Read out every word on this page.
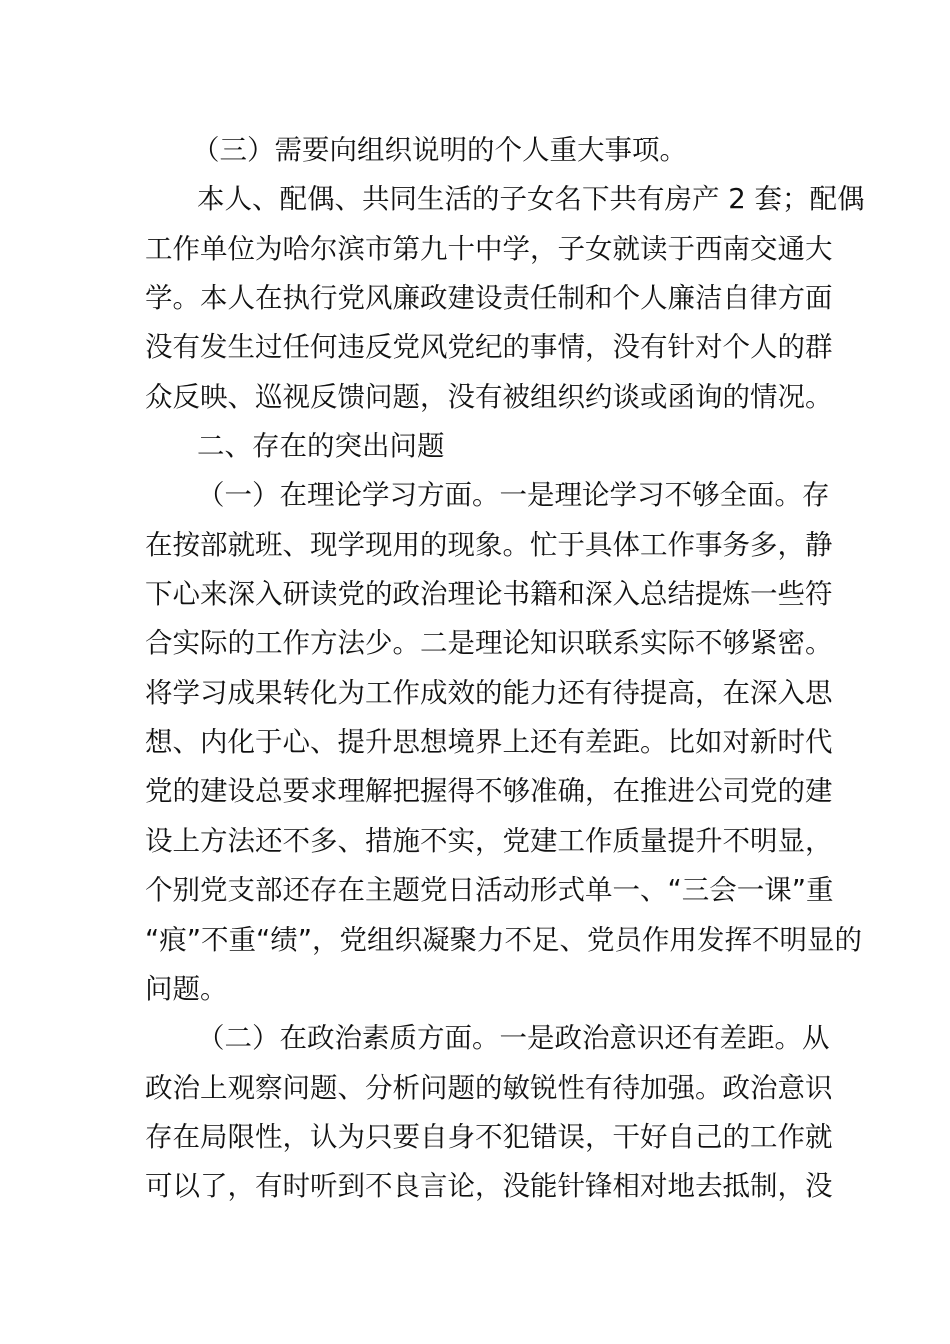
（三）需要向组织说明的个人重大事项。
本人、配偶、共同生活的子女名下共有房产 2 套；配偶
工作单位为哈尔滨市第九十中学，子女就读于西南交通大
学。本人在执行党风廉政建设责任制和个人廉洁自律方面
没有发生过任何违反党风党纪的事情，没有针对个人的群
众反映、巡视反馈问题，没有被组织约谈或函询的情况。
二、存在的突出问题
（一）在理论学习方面。一是理论学习不够全面。存
在按部就班、现学现用的现象。忙于具体工作事务多，静
下心来深入研读党的政治理论书籍和深入总结提炼一些符
合实际的工作方法少。二是理论知识联系实际不够紧密。
将学习成果转化为工作成效的能力还有待提高，在深入思
想、内化于心、提升思想境界上还有差距。比如对新时代
党的建设总要求理解把握得不够准确，在推进公司党的建
设上方法还不多、措施不实，党建工作质量提升不明显，
个别党支部还存在主题党日活动形式单一、“三会一课”重
“痕”不重“绩”，党组织凝聚力不足、党员作用发挥不明显的
问题。
（二）在政治素质方面。一是政治意识还有差距。从
政治上观察问题、分析问题的敏锐性有待加强。政治意识
存在局限性，认为只要自身不犯错误，干好自己的工作就
可以了，有时听到不良言论，没能针锋相对地去抵制，没
